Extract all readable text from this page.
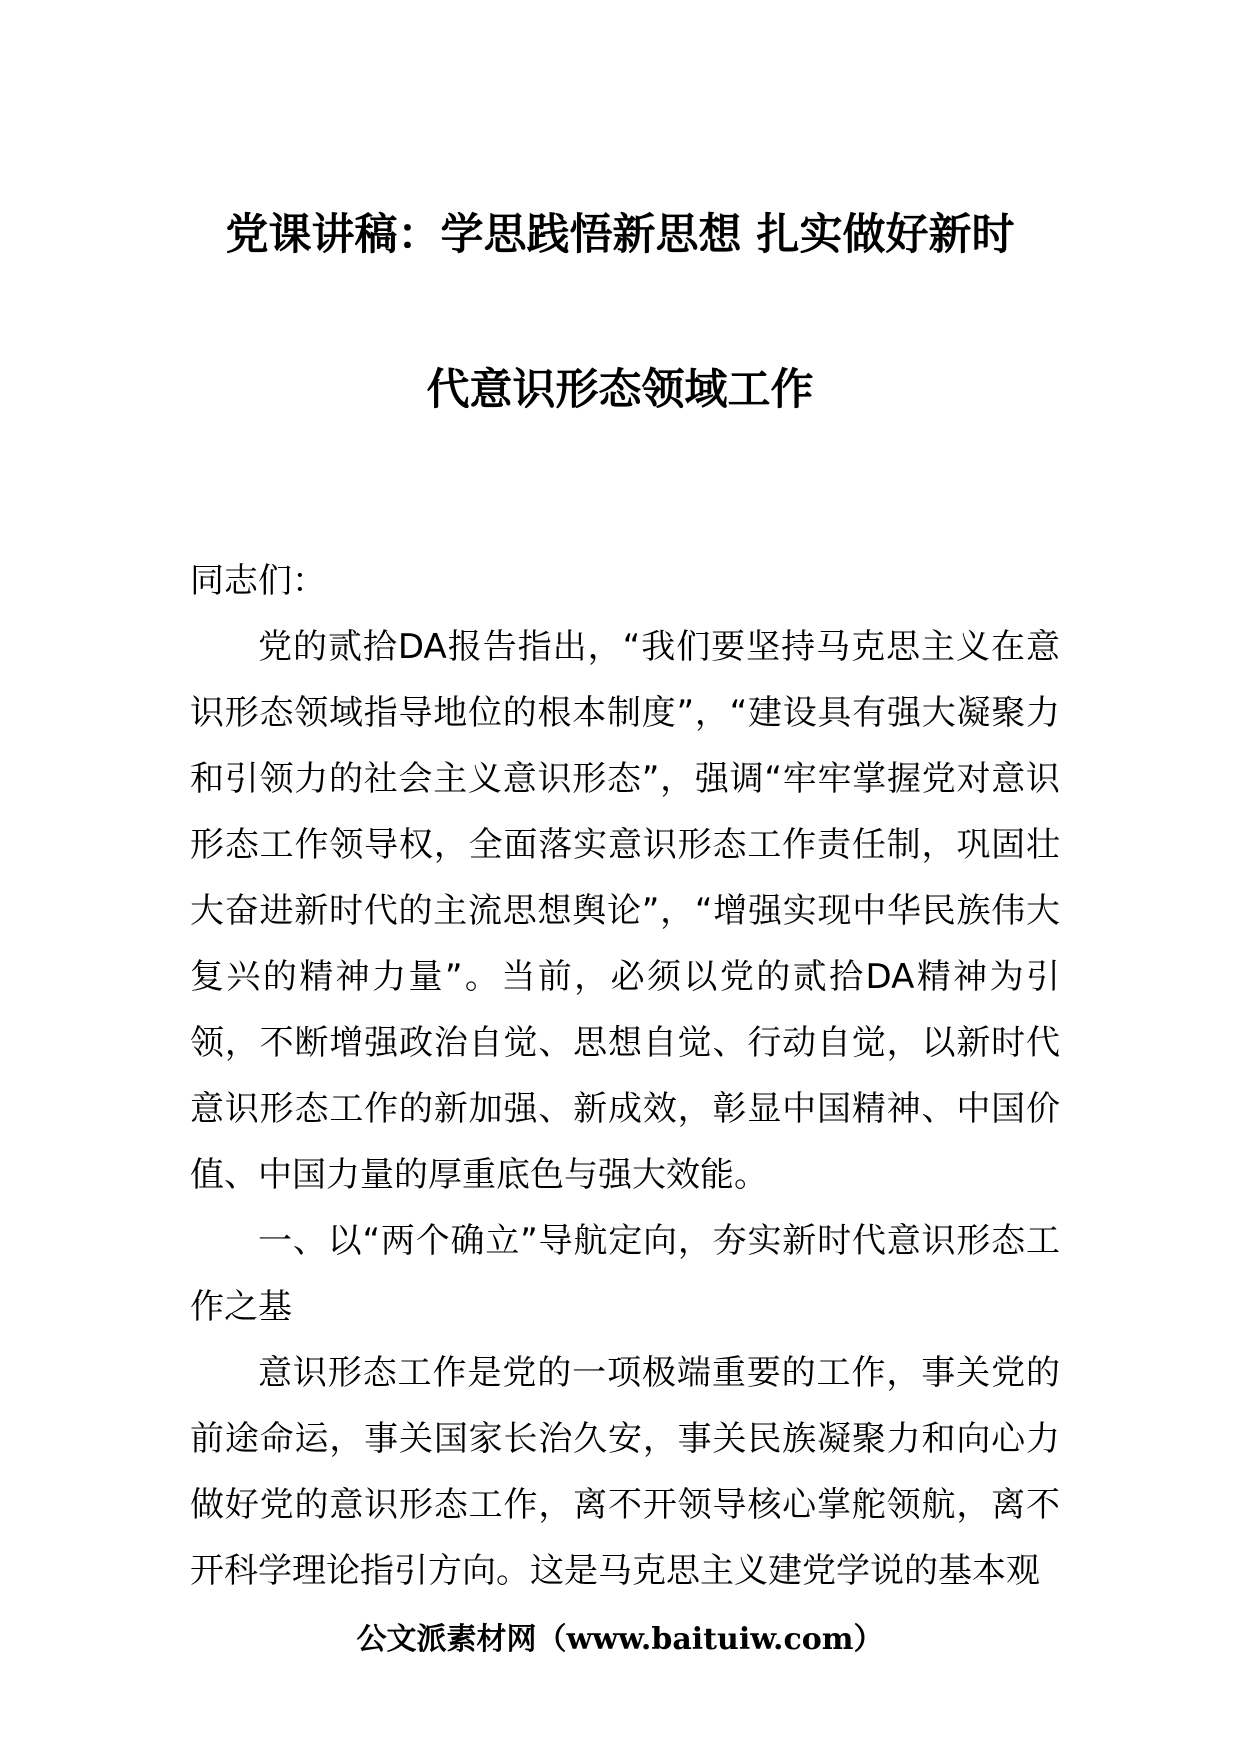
党课讲稿：学思践悟新思想 扎实做好新时
代意识形态领域工作

同志们：

党的贰拾DA报告指出，“我们要坚持马克思主义在意识形态领域指导地位的根本制度”，“建设具有强大凝聚力和引领力的社会主义意识形态”，强调“牢牢掌握党对意识形态工作领导权，全面落实意识形态工作责任制，巩固壮大奋进新时代的主流思想舆论”，“增强实现中华民族伟大复兴的精神力量”。当前，必须以党的贰拾DA精神为引领，不断增强政治自觉、思想自觉、行动自觉，以新时代意识形态工作的新加强、新成效，彰显中国精神、中国价值、中国力量的厚重底色与强大效能。

一、以“两个确立”导航定向，夯实新时代意识形态工作之基

意识形态工作是党的一项极端重要的工作，事关党的前途命运，事关国家长治久安，事关民族凝聚力和向心力做好党的意识形态工作，离不开领导核心掌舵领航，离不开科学理论指引方向。这是马克思主义建党学说的基本观

公文派素材网（www.baituiw.com）
